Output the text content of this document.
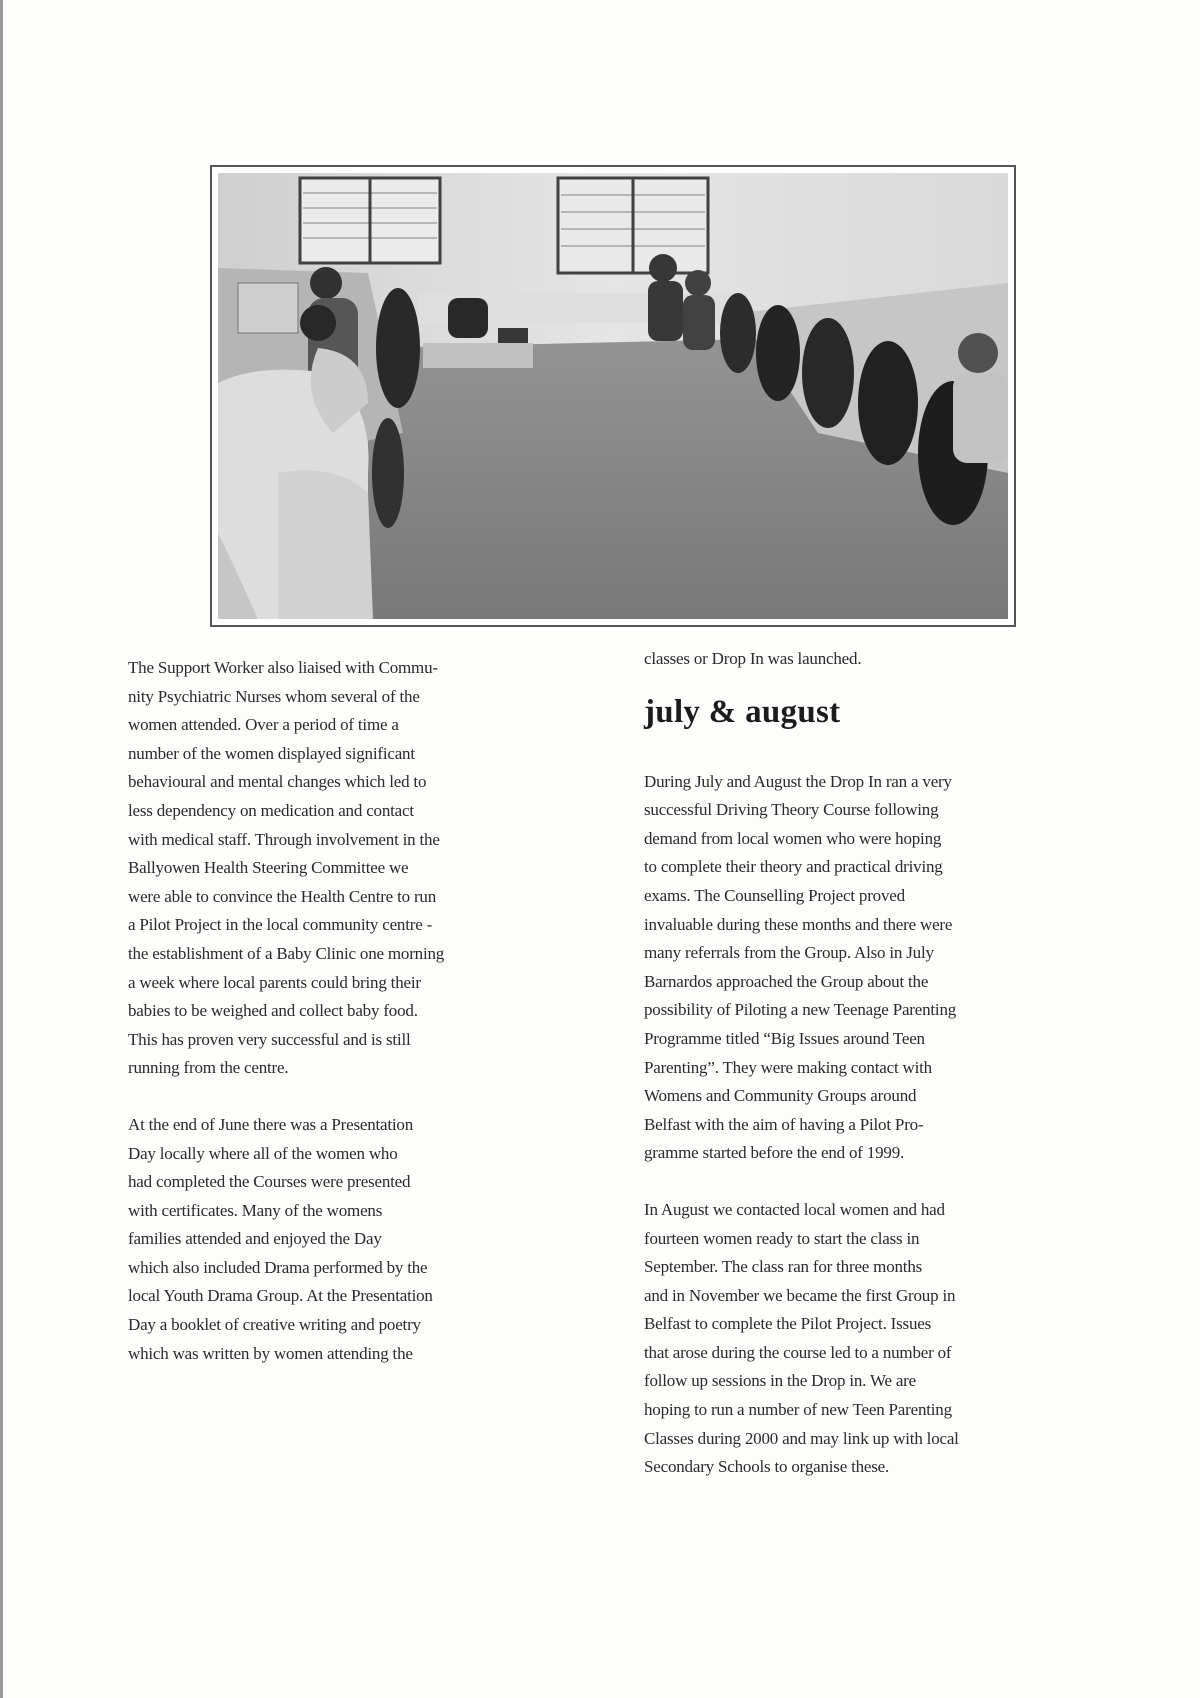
The Support Worker also liaised with Commu-
nity Psychiatric Nurses whom several of the
women attended. Over a period of time a
number of the women displayed significant
behavioural and mental changes which led to
less dependency on medication and contact
with medical staff. Through involvement in the
Ballyowen Health Steering Committee we
were able to convince the Health Centre to run
a Pilot Project in the local community centre -
the establishment of a Baby Clinic one morning
a week where local parents could bring their
babies to be weighed and collect baby food.
This has proven very successful and is still
running from the centre.

At the end of June there was a Presentation
Day locally where all of the women who
had completed the Courses were presented
with certificates. Many of the womens
families attended and enjoyed the Day
which also included Drama performed by the
local Youth Drama Group. At the Presentation
Day a booklet of creative writing and poetry
which was written by women attending the

classes or Drop In was launched.

july & august

During July and August the Drop In ran a very
successful Driving Theory Course following
demand from local women who were hoping
to complete their theory and practical driving
exams. The Counselling Project proved
invaluable during these months and there were
many referrals from the Group. Also in July
Barnardos approached the Group about the
possibility of Piloting a new Teenage Parenting
Programme titled “Big Issues around Teen
Parenting”. They were making contact with
Womens and Community Groups around
Belfast with the aim of having a Pilot Pro-
gramme started before the end of 1999.

In August we contacted local women and had
fourteen women ready to start the class in
September. The class ran for three months
and in November we became the first Group in
Belfast to complete the Pilot Project. Issues
that arose during the course led to a number of
follow up sessions in the Drop in. We are
hoping to run a number of new Teen Parenting
Classes during 2000 and may link up with local
Secondary Schools to organise these.
